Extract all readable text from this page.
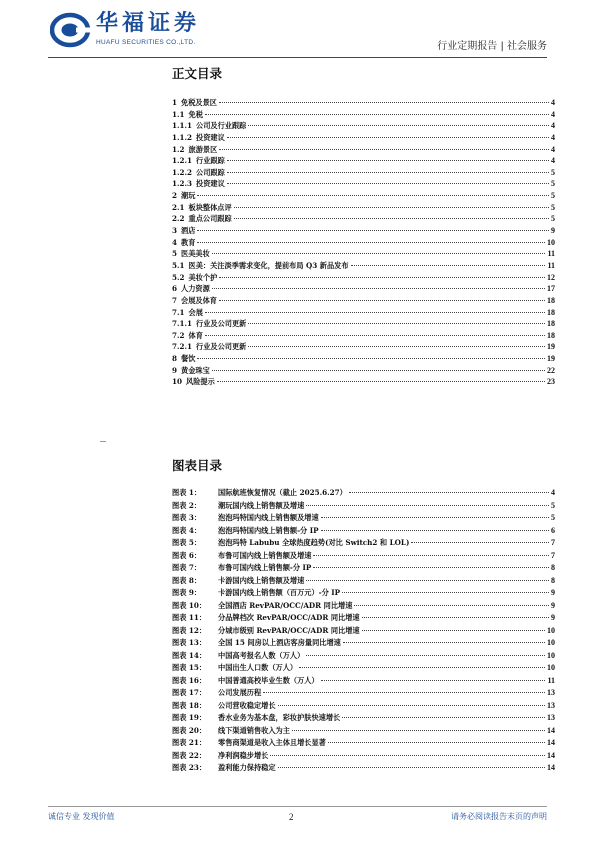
华福证券
HUAFU SECURITIES CO.,LTD.	行业定期报告 | 社会服务
正文目录
1 免税及景区	4
1.1 免税	4
1.1.1 公司及行业跟踪	4
1.1.2 投资建议	4
1.2 旅游景区	4
1.2.1 行业跟踪	4
1.2.2 公司跟踪	5
1.2.3 投资建议	5
2 潮玩	5
2.1 板块整体点评	5
2.2 重点公司跟踪	5
3 酒店	9
4 教育	10
5 医美美妆	11
5.1 医美：关注淡季需求变化，提前布局 Q3 新品发布	11
5.2 美妆个护	12
6 人力资源	17
7 会展及体育	18
7.1 会展	18
7.1.1 行业及公司更新	18
7.2 体育	18
7.2.1 行业及公司更新	19
8 餐饮	19
9 黄金珠宝	22
10 风险提示	23
图表目录
图表 1：	国际航班恢复情况（截止 2025.6.27）	4
图表 2：	潮玩国内线上销售额及增速	5
图表 3：	泡泡玛特国内线上销售额及增速	5
图表 4：	泡泡玛特国内线上销售额-分 IP	6
图表 5：	泡泡玛特 Labubu 全球热度趋势(对比 Switch2 和 LOL)	7
图表 6：	布鲁可国内线上销售额及增速	7
图表 7：	布鲁可国内线上销售额-分 IP	8
图表 8：	卡游国内线上销售额及增速	8
图表 9：	卡游国内线上销售额（百万元）-分 IP	9
图表 10：	全国酒店 RevPAR/OCC/ADR 同比增速	9
图表 11：	分品牌档次 RevPAR/OCC/ADR 同比增速	9
图表 12：	分城市级别 RevPAR/OCC/ADR 同比增速	10
图表 13：	全国 15 间房以上酒店客房量同比增速	10
图表 14：	中国高考报名人数（万人）	10
图表 15：	中国出生人口数（万人）	10
图表 16：	中国普通高校毕业生数（万人）	11
图表 17：	公司发展历程	13
图表 18：	公司营收稳定增长	13
图表 19：	香水业务为基本盘，彩妆护肤快速增长	13
图表 20：	线下渠道销售收入为主	14
图表 21：	零售商渠道是收入主体且增长显著	14
图表 22：	净利润稳步增长	14
图表 23：	盈利能力保持稳定	14
诚信专业 发现价值	2	请务必阅读报告末页的声明
